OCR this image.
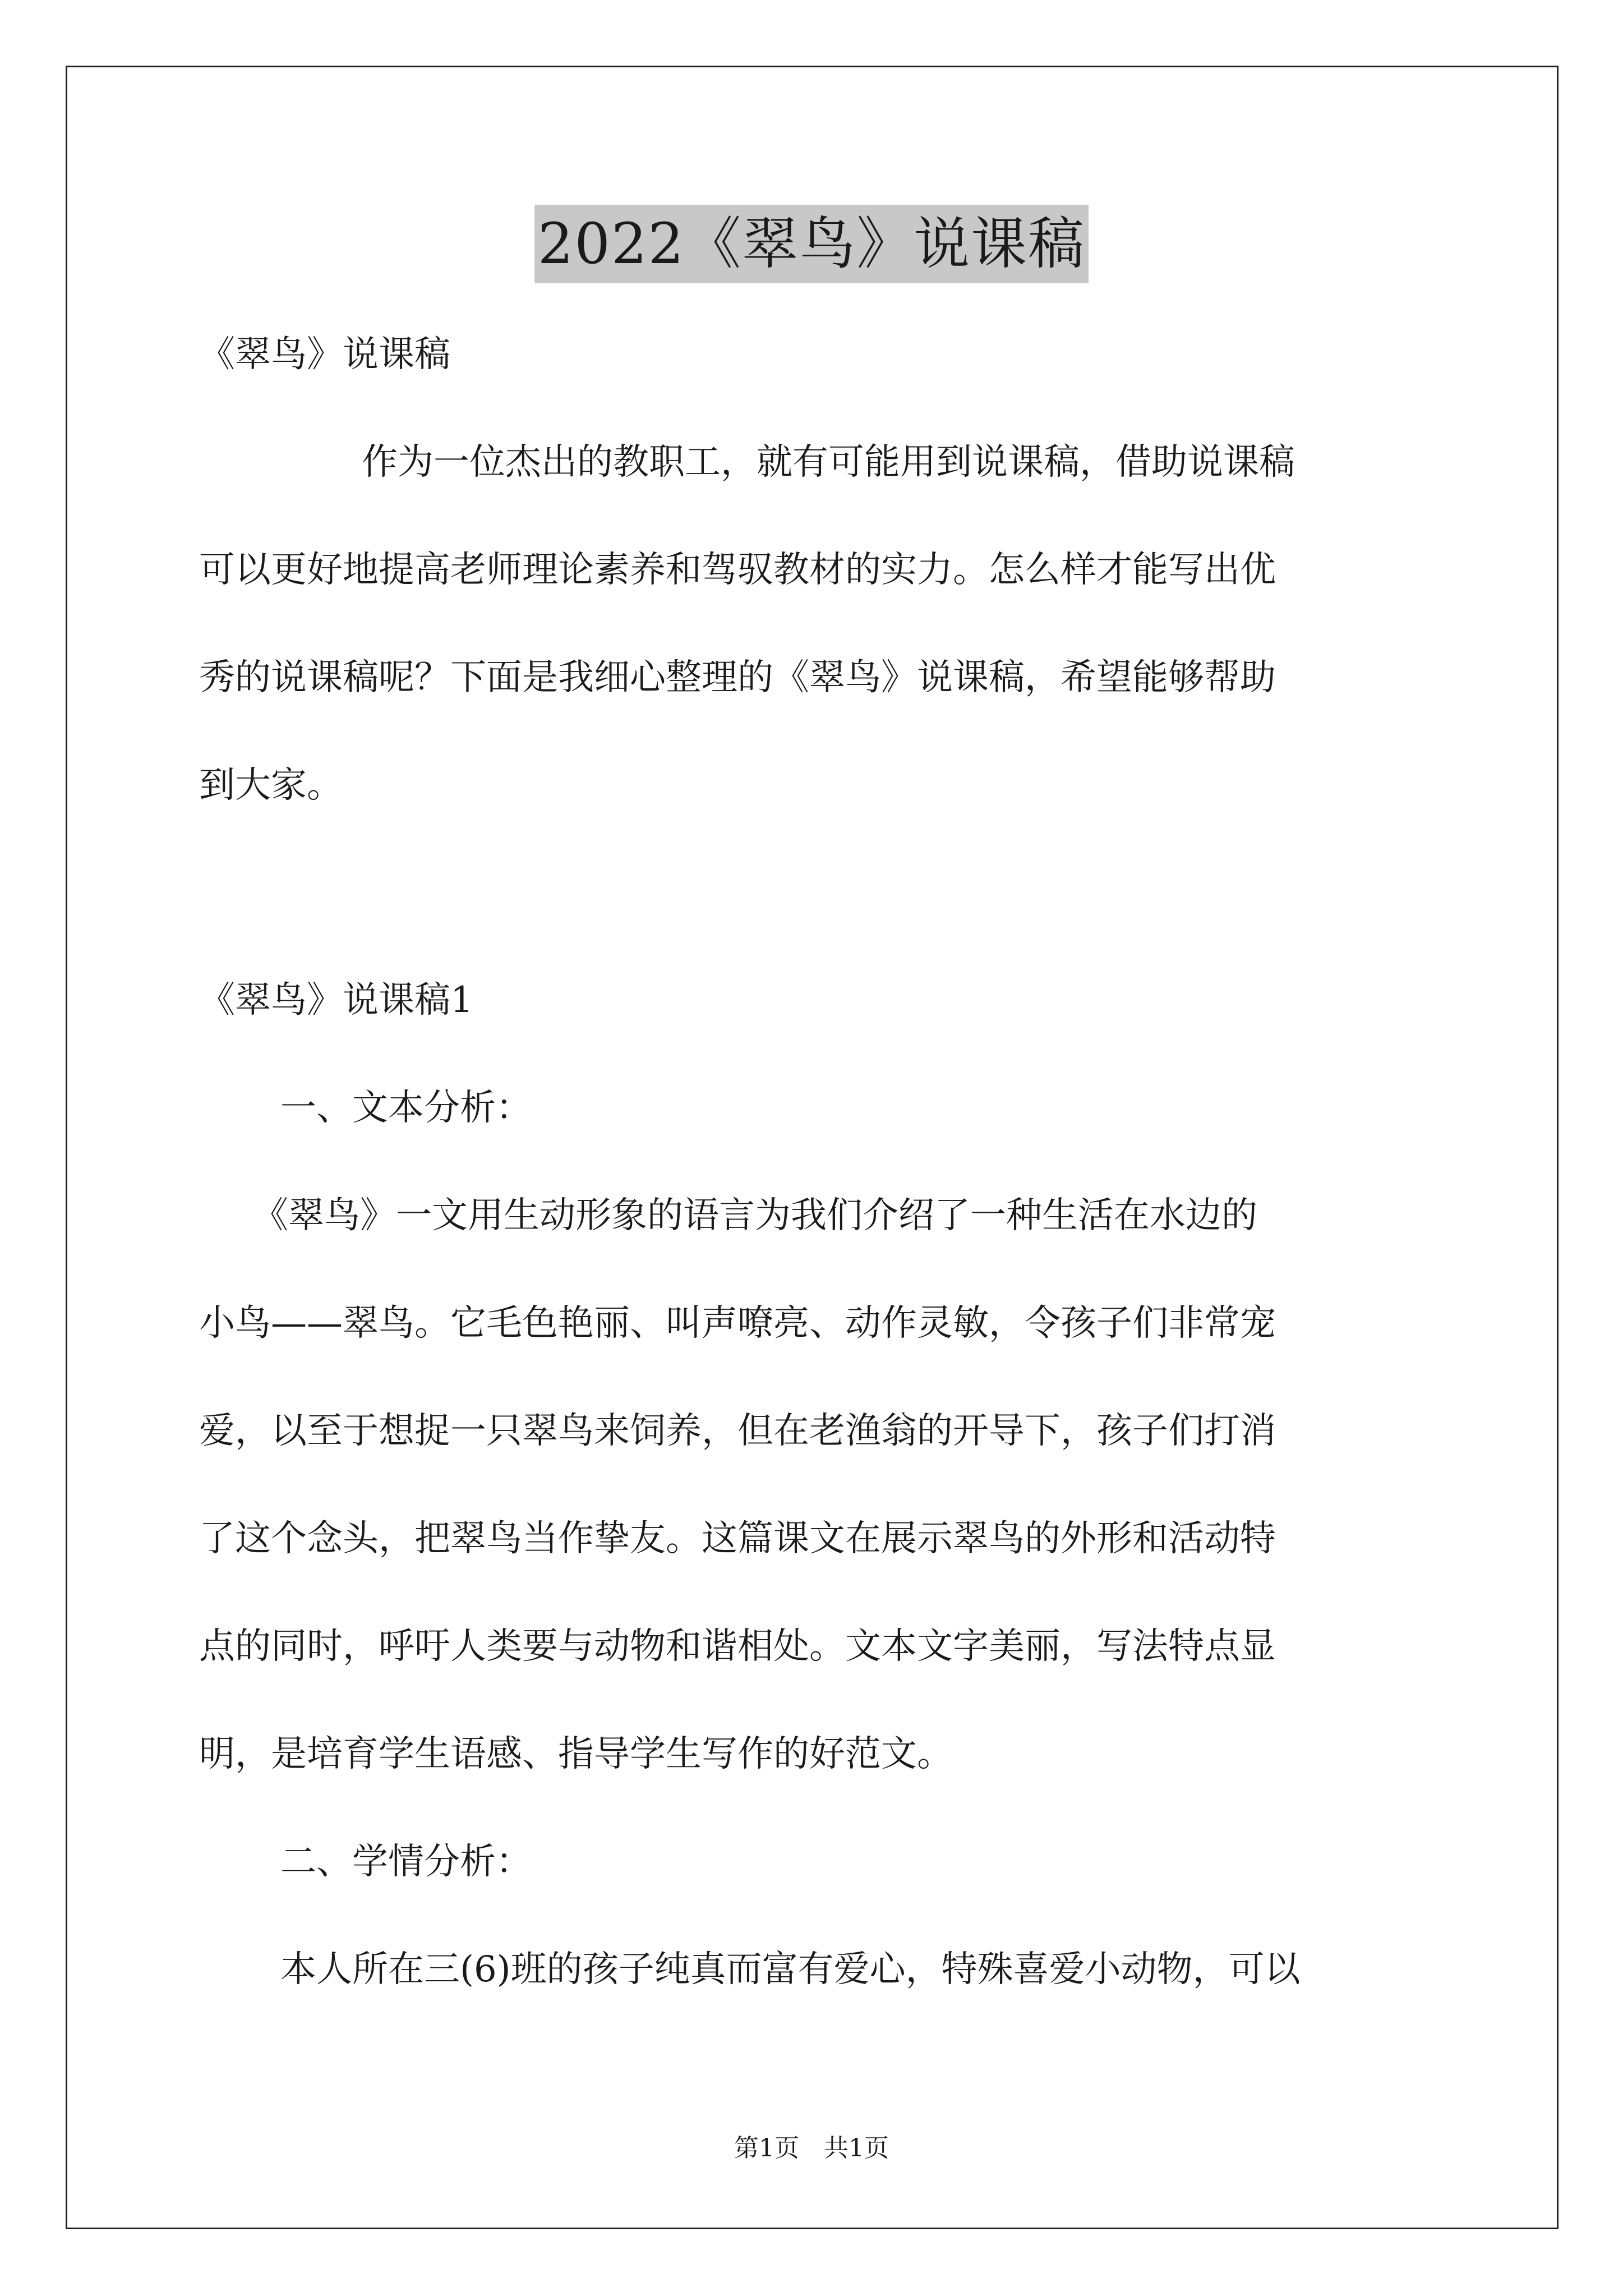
2022《翠鸟》说课稿
《翠鸟》说课稿
作为一位杰出的教职工，就有可能用到说课稿，借助说课稿
可以更好地提高老师理论素养和驾驭教材的实力。怎么样才能写出优
秀的说课稿呢？下面是我细心整理的《翠鸟》说课稿，希望能够帮助
到大家。
《翠鸟》说课稿1
一、文本分析：
《翠鸟》一文用生动形象的语言为我们介绍了一种生活在水边的
小鸟——翠鸟。它毛色艳丽、叫声嘹亮、动作灵敏，令孩子们非常宠
爱，以至于想捉一只翠鸟来饲养，但在老渔翁的开导下，孩子们打消
了这个念头，把翠鸟当作挚友。这篇课文在展示翠鸟的外形和活动特
点的同时，呼吁人类要与动物和谐相处。文本文字美丽，写法特点显
明，是培育学生语感、指导学生写作的好范文。
二、学情分析：
本人所在三(6)班的孩子纯真而富有爱心，特殊喜爱小动物，可以
第1页 共1页
